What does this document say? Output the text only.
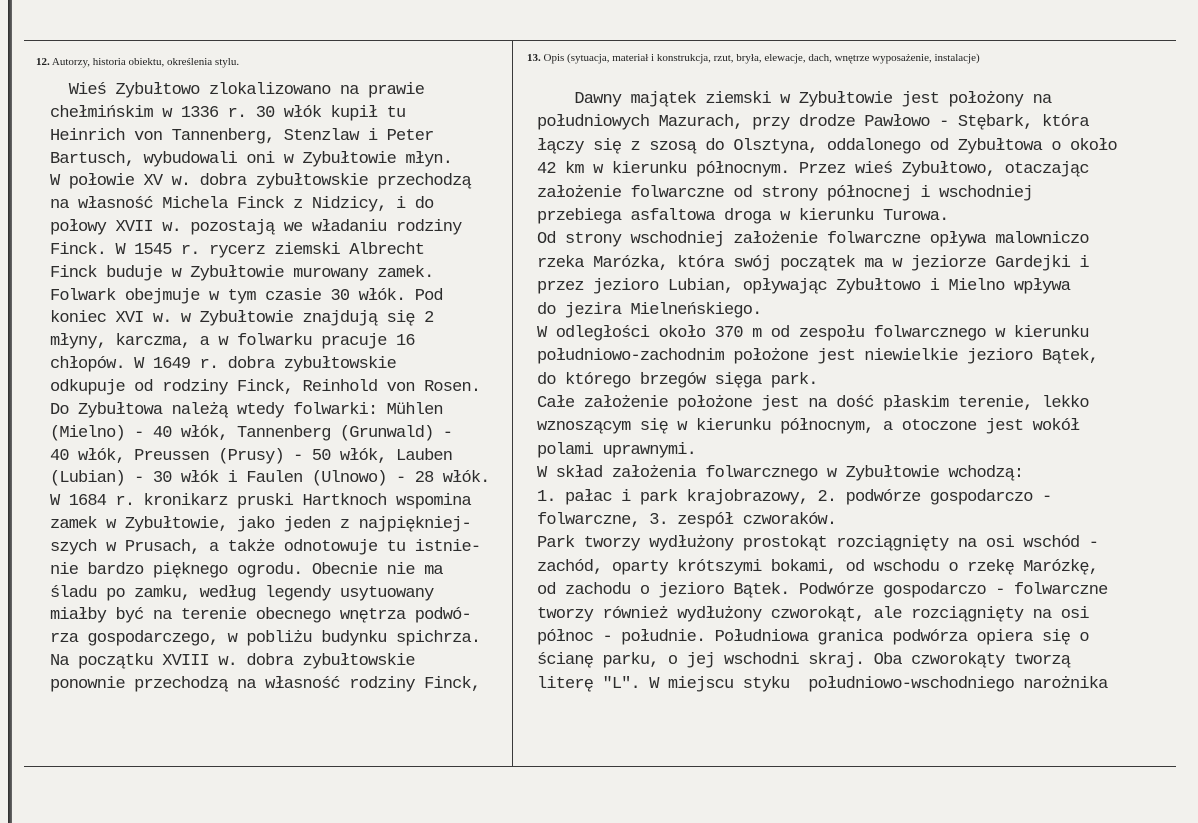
12. Autorzy, historia obiektu, określenia stylu.	13. Opis (sytuacja, materiał i konstrukcja, rzut, bryła, elewacje, dach, wnętrze wyposażenie, instalacje)
Wieś Zybułtowo zlokalizowano na prawie
chełmińskim w 1336 r. 30 włók kupił tu
Heinrich von Tannenberg, Stenzlaw i Peter
Bartusch, wybudowali oni w Zybułtowie młyn.
W połowie XV w. dobra zybułtowskie przechodzą
na własność Michela Finck z Nidzicy, i do
połowy XVII w. pozostają we władaniu rodziny
Finck. W 1545 r. rycerz ziemski Albrecht
Finck buduje w Zybułtowie murowany zamek.
Folwark obejmuje w tym czasie 30 włók. Pod
koniec XVI w. w Zybułtowie znajdują się 2
młyny, karczma, a w folwarku pracuje 16
chłopów. W 1649 r. dobra zybułtowskie
odkupuje od rodziny Finck, Reinhold von Rosen.
Do Zybułtowa należą wtedy folwarki: Mühlen
(Mielno) - 40 włók, Tannenberg (Grunwald) -
40 włók, Preussen (Prusy) - 50 włók, Lauben
(Lubian) - 30 włók i Faulen (Ulnowo) - 28 włók.
W 1684 r. kronikarz pruski Hartknoch wspomina
zamek w Zybułtowie, jako jeden z najpiękniej-
szych w Prusach, a także odnotowuje tu istnie-
nie bardzo pięknego ogrodu. Obecnie nie ma
śladu po zamku, według legendy usytuowany
miałby być na terenie obecnego wnętrza podwó-
rza gospodarczego, w pobliżu budynku spichrza.
Na początku XVIII w. dobra zybułtowskie
ponownie przechodzą na własność rodziny Finck,
Dawny majątek ziemski w Zybułtowie jest położony na
południowych Mazurach, przy drodze Pawłowo - Stębark, która
łączy się z szosą do Olsztyna, oddalonego od Zybułtowa o około
42 km w kierunku północnym. Przez wieś Zybułtowo, otaczając
założenie folwarczne od strony północnej i wschodniej
przebiega asfaltowa droga w kierunku Turowa.
Od strony wschodniej założenie folwarczne opływa malowniczo
rzeka Marózka, która swój początek ma w jeziorze Gardejki i
przez jezioro Lubian, opływając Zybułtowo i Mielno wpływa
do jezira Mielneńskiego.
W odległości około 370 m od zespołu folwarcznego w kierunku
południowo-zachodnim położone jest niewielkie jezioro Bątek,
do którego brzegów sięga park.
Całe założenie położone jest na dość płaskim terenie, lekko
wznoszącym się w kierunku północnym, a otoczone jest wokół
polami uprawnymi.
W skład założenia folwarcznego w Zybułtowie wchodzą:
1. pałac i park krajobrazowy, 2. podwórze gospodarczo -
folwarczne, 3. zespół czworaków.
Park tworzy wydłużony prostokąt rozciągnięty na osi wschód -
zachód, oparty krótszymi bokami, od wschodu o rzekę Marózkę,
od zachodu o jezioro Bątek. Podwórze gospodarczo - folwarczne
tworzy również wydłużony czworokąt, ale rozciągnięty na osi
północ - południe. Południowa granica podwórza opiera się o
ścianę parku, o jej wschodni skraj. Oba czworokąty tworzą
literę "L". W miejscu styku  południowo-wschodniego narożnika
